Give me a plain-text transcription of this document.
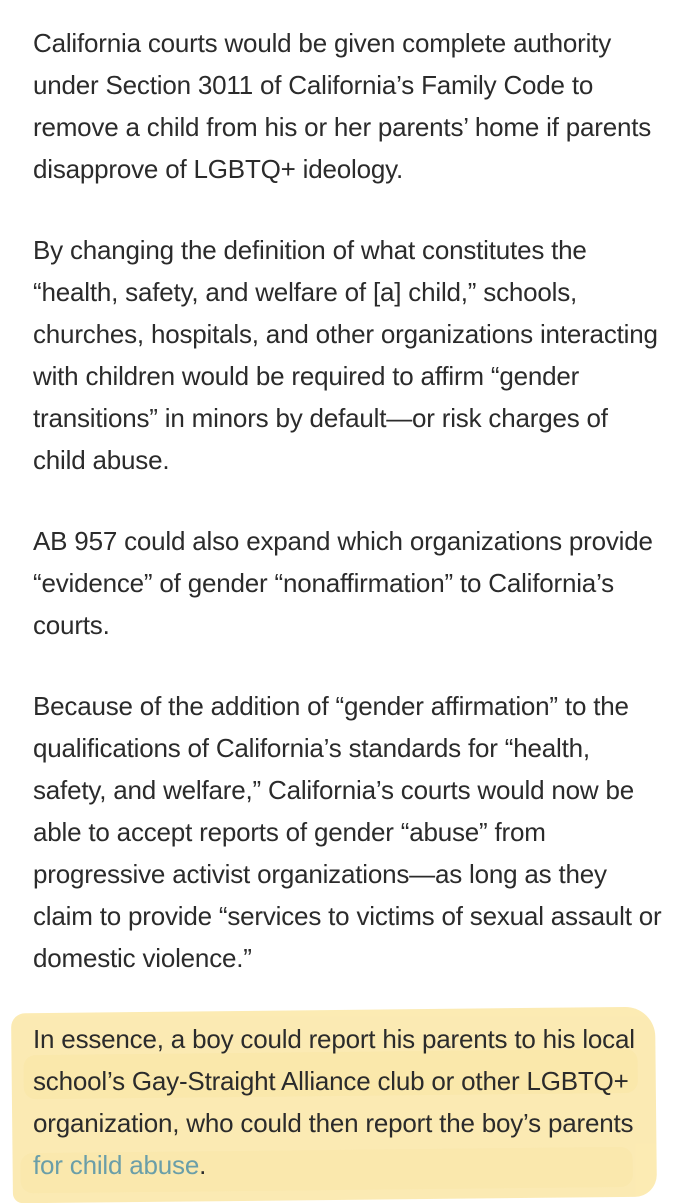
California courts would be given complete authority under Section 3011 of California’s Family Code to remove a child from his or her parents’ home if parents disapprove of LGBTQ+ ideology.

By changing the definition of what constitutes the “health, safety, and welfare of [a] child,” schools, churches, hospitals, and other organizations interacting with children would be required to affirm “gender transitions” in minors by default—or risk charges of child abuse.

AB 957 could also expand which organizations provide “evidence” of gender “nonaffirmation” to California’s courts.

Because of the addition of “gender affirmation” to the qualifications of California’s standards for “health, safety, and welfare,” California’s courts would now be able to accept reports of gender “abuse” from progressive activist organizations—as long as they claim to provide “services to victims of sexual assault or domestic violence.”

In essence, a boy could report his parents to his local school’s Gay-Straight Alliance club or other LGBTQ+ organization, who could then report the boy’s parents for child abuse.
